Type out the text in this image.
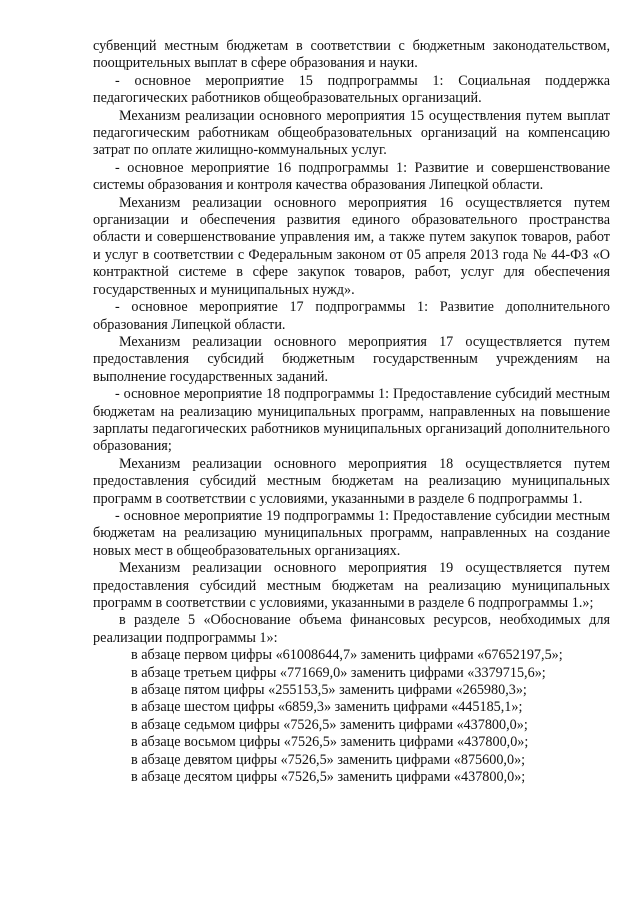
субвенций местным бюджетам в соответствии с бюджетным законодательством, поощрительных выплат в сфере образования и науки.

- основное мероприятие 15 подпрограммы 1: Социальная поддержка педагогических работников общеобразовательных организаций.

Механизм реализации основного мероприятия 15 осуществления путем выплат педагогическим работникам общеобразовательных организаций на компенсацию затрат по оплате жилищно-коммунальных услуг.

- основное мероприятие 16 подпрограммы 1: Развитие и совершенствование системы образования и контроля качества образования Липецкой области.

Механизм реализации основного мероприятия 16 осуществляется путем организации и обеспечения развития единого образовательного пространства области и совершенствование управления им, а также путем закупок товаров, работ и услуг в соответствии с Федеральным законом от 05 апреля 2013 года № 44-ФЗ «О контрактной системе в сфере закупок товаров, работ, услуг для обеспечения государственных и муниципальных нужд».

- основное мероприятие 17 подпрограммы 1: Развитие дополнительного образования Липецкой области.

Механизм реализации основного мероприятия 17 осуществляется путем предоставления субсидий бюджетным государственным учреждениям на выполнение государственных заданий.

- основное мероприятие 18 подпрограммы 1: Предоставление субсидий местным бюджетам на реализацию муниципальных программ, направленных на повышение зарплаты педагогических работников муниципальных организаций дополнительного образования;

Механизм реализации основного мероприятия 18 осуществляется путем предоставления субсидий местным бюджетам на реализацию муниципальных программ в соответствии с условиями, указанными в разделе 6 подпрограммы 1.

- основное мероприятие 19 подпрограммы 1: Предоставление субсидии местным бюджетам на реализацию муниципальных программ, направленных на создание новых мест в общеобразовательных организациях.

Механизм реализации основного мероприятия 19 осуществляется путем предоставления субсидий местным бюджетам на реализацию муниципальных программ в соответствии с условиями, указанными в разделе 6 подпрограммы 1.»;

в разделе 5 «Обоснование объема финансовых ресурсов, необходимых для реализации подпрограммы 1»:

в абзаце первом цифры «61008644,7» заменить цифрами «67652197,5»;
в абзаце третьем цифры «771669,0» заменить цифрами «3379715,6»;
в абзаце пятом цифры «255153,5» заменить цифрами «265980,3»;
в абзаце шестом цифры «6859,3» заменить цифрами «445185,1»;
в абзаце седьмом цифры «7526,5» заменить цифрами «437800,0»;
в абзаце восьмом цифры «7526,5» заменить цифрами «437800,0»;
в абзаце девятом цифры «7526,5» заменить цифрами «875600,0»;
в абзаце десятом цифры «7526,5» заменить цифрами «437800,0»;
